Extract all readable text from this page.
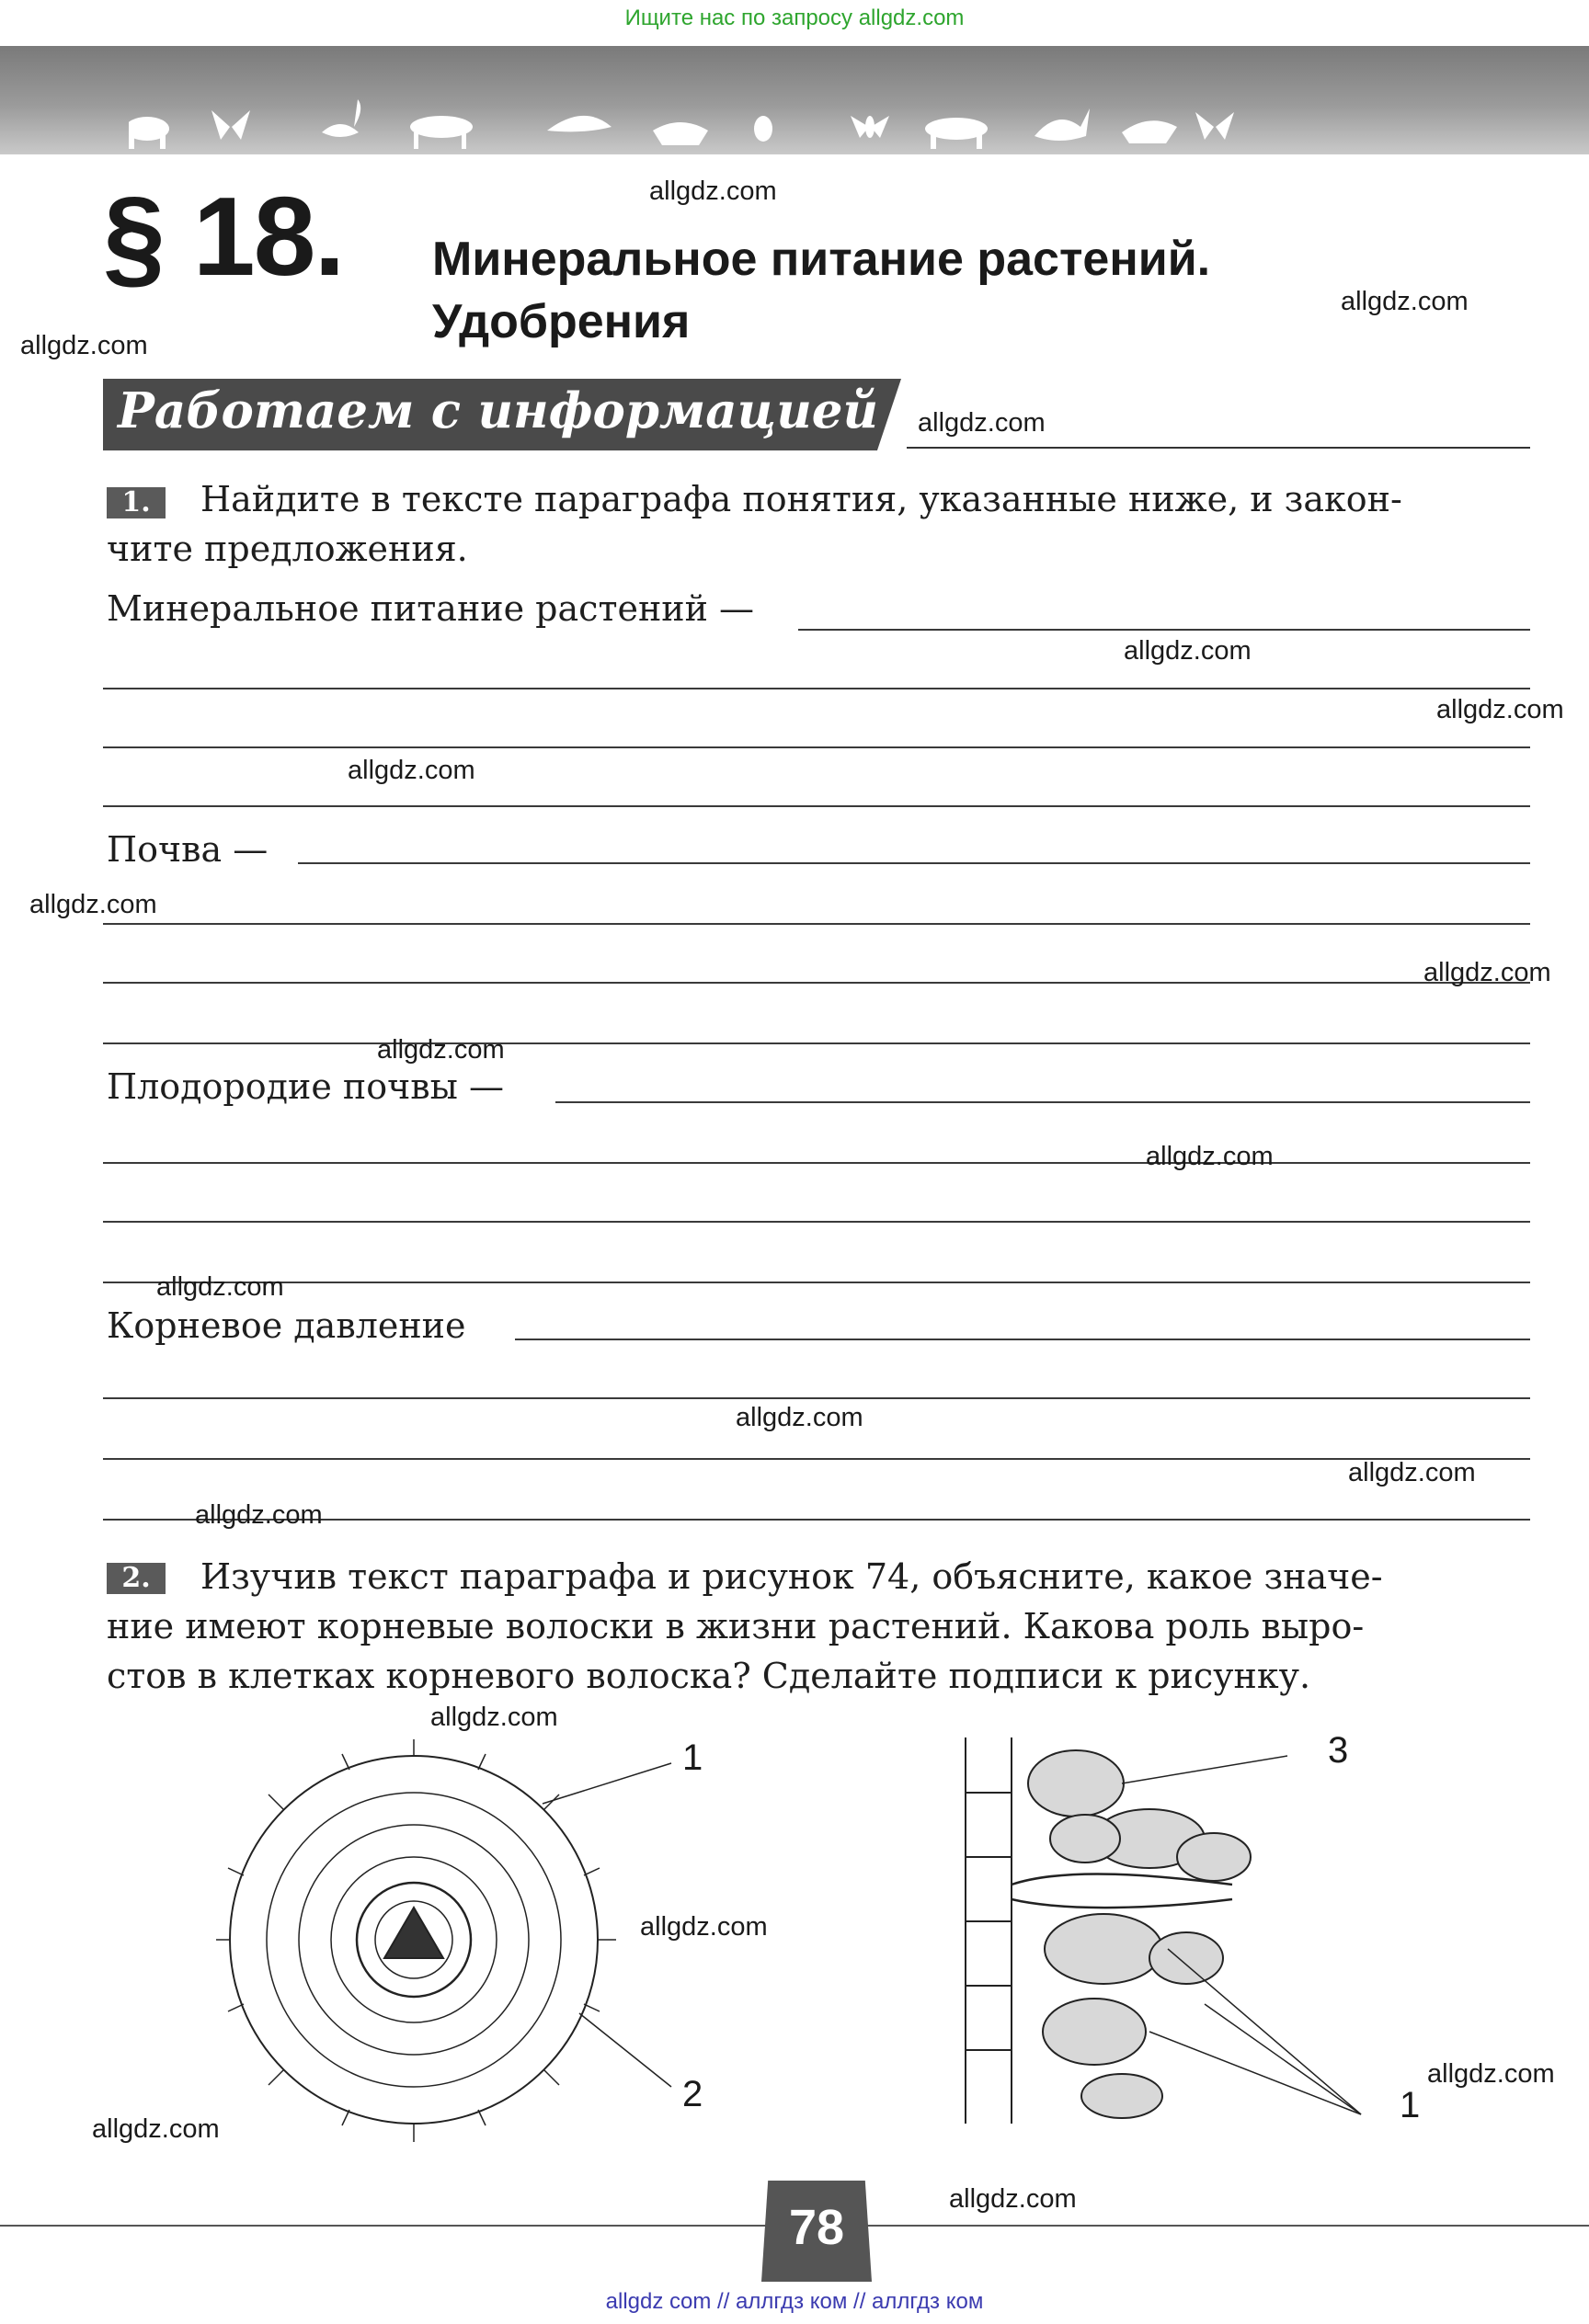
Ищите нас по запросу allgdz.com
§ 18. Минеральное питание растений.
Удобрения
Работаем с информацией
1.	Найдите в тексте параграфа понятия, указанные ниже, и закон-
чите предложения.
Минеральное питание растений —
Почва —
Плодородие почвы —
Корневое давление
2.	Изучив текст параграфа и рисунок 74, объясните, какое значе-
ние имеют корневые волоски в жизни растений. Какова роль выро-
стов в клетках корневого волоска? Сделайте подписи к рисунку.
1
2
3
1
78
allgdz com // аллгдз ком // аллгдз ком
allgdz.com
allgdz.com
allgdz.com
allgdz.com
allgdz.com
allgdz.com
allgdz.com
allgdz.com
allgdz.com
allgdz.com
allgdz.com
allgdz.com
allgdz.com
allgdz.com
allgdz.com
allgdz.com
allgdz.com
allgdz.com
allgdz.com
allgdz.com
